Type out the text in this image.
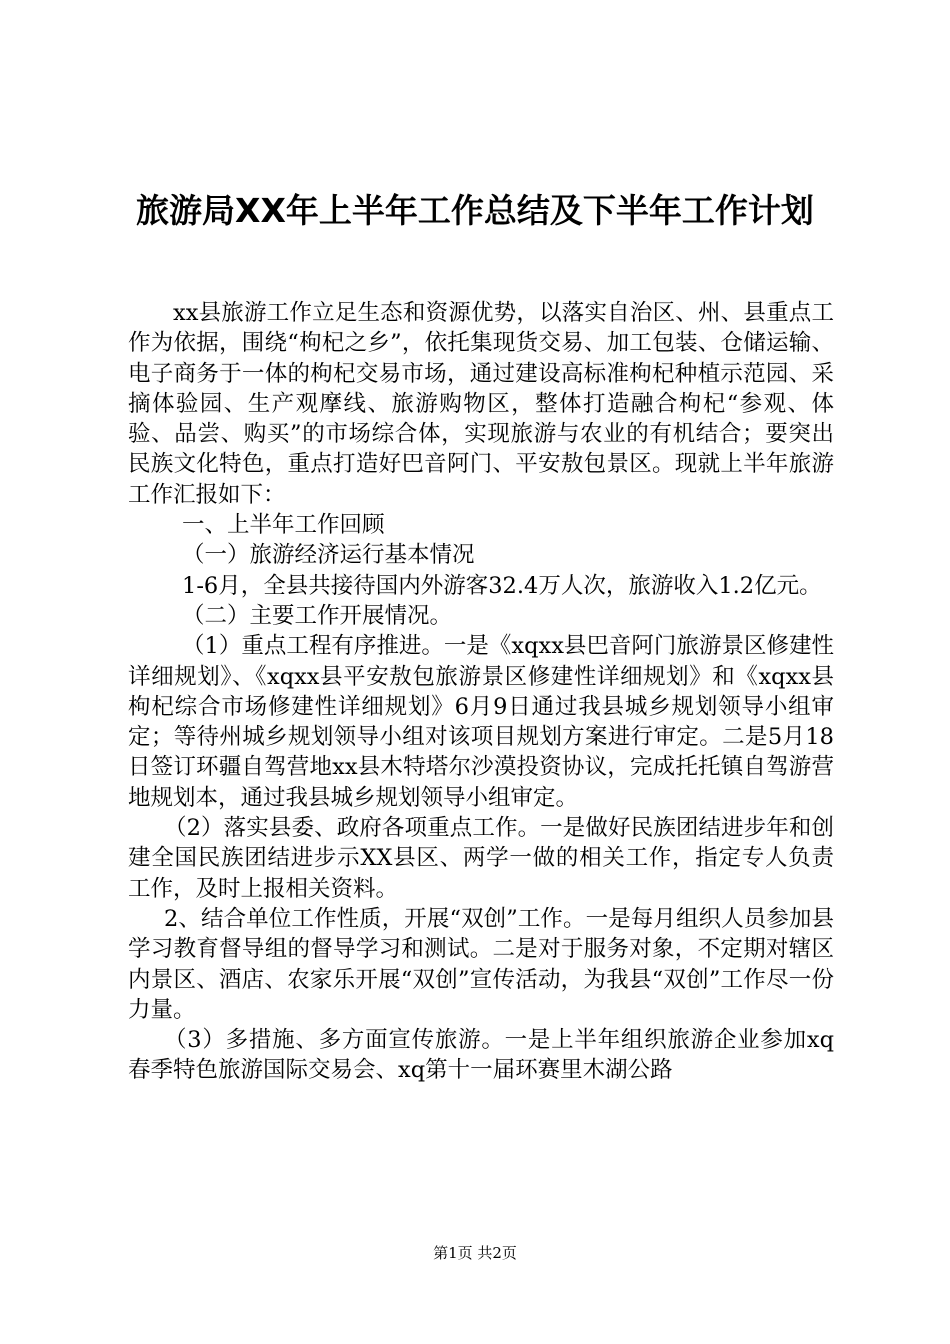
旅游局XX年上半年工作总结及下半年工作计划

xx县旅游工作立足生态和资源优势，以落实自治区、州、县重点工作为依据，围绕“枸杞之乡”，依托集现货交易、加工包装、仓储运输、电子商务于一体的枸杞交易市场，通过建设高标准枸杞种植示范园、采摘体验园、生产观摩线、旅游购物区，整体打造融合枸杞“参观、体验、品尝、购买”的市场综合体，实现旅游与农业的有机结合；要突出民族文化特色，重点打造好巴音阿门、平安敖包景区。现就上半年旅游工作汇报如下：

一、上半年工作回顾

（一）旅游经济运行基本情况

1-6月，全县共接待国内外游客32.4万人次，旅游收入1.2亿元。

（二）主要工作开展情况。

（1）重点工程有序推进。一是《xqxx县巴音阿门旅游景区修建性详细规划》、《xqxx县平安敖包旅游景区修建性详细规划》和《xqxx县枸杞综合市场修建性详细规划》6月9日通过我县城乡规划领导小组审定；等待州城乡规划领导小组对该项目规划方案进行审定。二是5月18日签订环疆自驾营地xx县木特塔尔沙漠投资协议，完成托托镇自驾游营地规划本，通过我县城乡规划领导小组审定。

（2）落实县委、政府各项重点工作。一是做好民族团结进步年和创建全国民族团结进步示XX县区、两学一做的相关工作，指定专人负责工作，及时上报相关资料。

2、结合单位工作性质，开展“双创”工作。一是每月组织人员参加县学习教育督导组的督导学习和测试。二是对于服务对象，不定期对辖区内景区、酒店、农家乐开展“双创”宣传活动，为我县“双创”工作尽一份力量。

（3）多措施、多方面宣传旅游。一是上半年组织旅游企业参加xq春季特色旅游国际交易会、xq第十一届环赛里木湖公路

第1页 共2页
